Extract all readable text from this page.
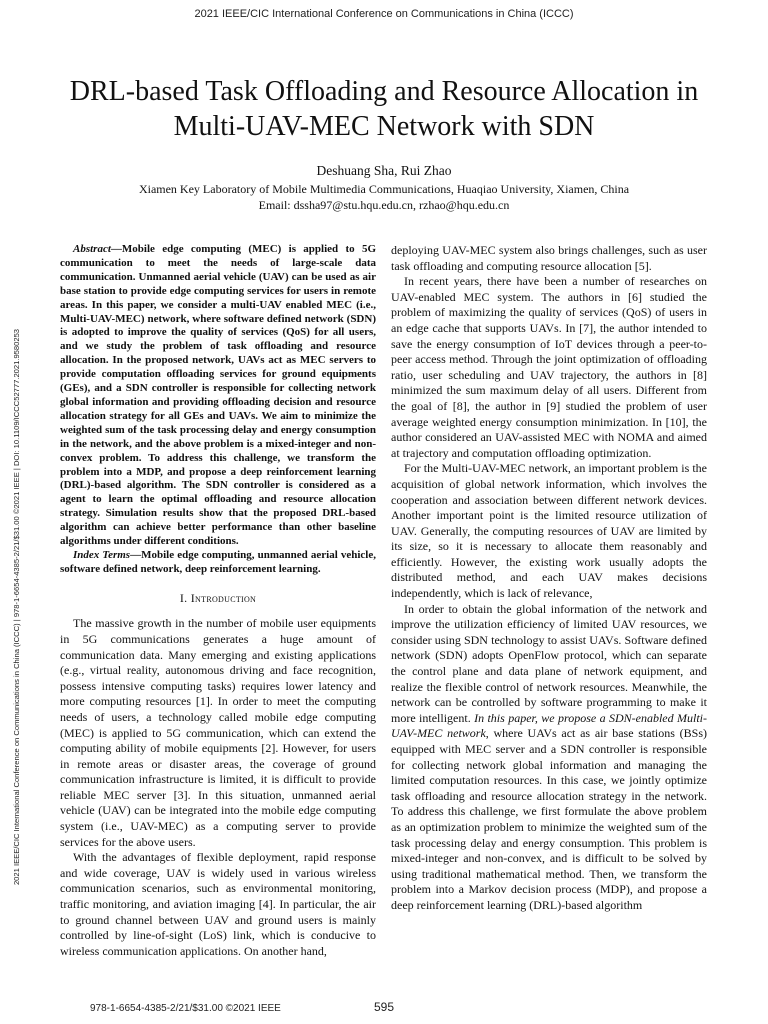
2021 IEEE/CIC International Conference on Communications in China (ICCC)
2021 IEEE/CIC International Conference on Communications in China (ICCC) | 978-1-6654-4385-2/21/$31.00 ©2021 IEEE | DOI: 10.1109/ICCC52777.2021.9580253
DRL-based Task Offloading and Resource Allocation in Multi-UAV-MEC Network with SDN
Deshuang Sha, Rui Zhao
Xiamen Key Laboratory of Mobile Multimedia Communications, Huaqiao University, Xiamen, China
Email: dssha97@stu.hqu.edu.cn, rzhao@hqu.edu.cn

Abstract—Mobile edge computing (MEC) is applied to 5G communication to meet the needs of large-scale data communication. Unmanned aerial vehicle (UAV) can be used as air base station to provide edge computing services for users in remote areas. In this paper, we consider a multi-UAV enabled MEC (i.e., Multi-UAV-MEC) network, where software defined network (SDN) is adopted to improve the quality of services (QoS) for all users, and we study the problem of task offloading and resource allocation. In the proposed network, UAVs act as MEC servers to provide computation offloading services for ground equipments (GEs), and a SDN controller is responsible for collecting network global information and providing offloading decision and resource allocation strategy for all GEs and UAVs. We aim to minimize the weighted sum of the task processing delay and energy consumption in the network, and the above problem is a mixed-integer and non-convex problem. To address this challenge, we transform the problem into a MDP, and propose a deep reinforcement learning (DRL)-based algorithm. The SDN controller is considered as a agent to learn the optimal offloading and resource allocation strategy. Simulation results show that the proposed DRL-based algorithm can achieve better performance than other baseline algorithms under different conditions.

Index Terms—Mobile edge computing, unmanned aerial vehicle, software defined network, deep reinforcement learning.

I. Introduction

The massive growth in the number of mobile user equipments in 5G communications generates a huge amount of communication data. Many emerging and existing applications (e.g., virtual reality, autonomous driving and face recognition, possess intensive computing tasks) requires lower latency and more computing resources [1]. In order to meet the computing needs of users, a technology called mobile edge computing (MEC) is applied to 5G communication, which can extend the computing ability of mobile equipments [2]. However, for users in remote areas or disaster areas, the coverage of ground communication infrastructure is limited, it is difficult to provide reliable MEC server [3]. In this situation, unmanned aerial vehicle (UAV) can be integrated into the mobile edge computing system (i.e., UAV-MEC) as a computing server to provide services for the above users.

With the advantages of flexible deployment, rapid response and wide coverage, UAV is widely used in various wireless communication scenarios, such as environmental monitoring, traffic monitoring, and aviation imaging [4]. In particular, the air to ground channel between UAV and ground users is mainly controlled by line-of-sight (LoS) link, which is conducive to wireless communication applications. On another hand,

deploying UAV-MEC system also brings challenges, such as user task offloading and computing resource allocation [5].

In recent years, there have been a number of researches on UAV-enabled MEC system. The authors in [6] studied the problem of maximizing the quality of services (QoS) of users in an edge cache that supports UAVs. In [7], the author intended to save the energy consumption of IoT devices through a peer-to-peer access method. Through the joint optimization of offloading ratio, user scheduling and UAV trajectory, the authors in [8] minimized the sum maximum delay of all users. Different from the goal of [8], the author in [9] studied the problem of user average weighted energy consumption minimization. In [10], the author considered an UAV-assisted MEC with NOMA and aimed at trajectory and computation offloading optimization.

For the Multi-UAV-MEC network, an important problem is the acquisition of global network information, which involves the cooperation and association between different network devices. Another important point is the limited resource utilization of UAV. Generally, the computing resources of UAV are limited by its size, so it is necessary to allocate them reasonably and efficiently. However, the existing work usually adopts the distributed method, and each UAV makes decisions independently, which is lack of relevance,

In order to obtain the global information of the network and improve the utilization efficiency of limited UAV resources, we consider using SDN technology to assist UAVs. Software defined network (SDN) adopts OpenFlow protocol, which can separate the control plane and data plane of network equipment, and realize the flexible control of network resources. Meanwhile, the network can be controlled by software programming to make it more intelligent. In this paper, we propose a SDN-enabled Multi-UAV-MEC network, where UAVs act as air base stations (BSs) equipped with MEC server and a SDN controller is responsible for collecting network global information and managing the limited computation resources. In this case, we jointly optimize task offloading and resource allocation strategy in the network. To address this challenge, we first formulate the above problem as an optimization problem to minimize the weighted sum of the task processing delay and energy consumption. This problem is mixed-integer and non-convex, and is difficult to be solved by using traditional mathematical method. Then, we transform the problem into a Markov decision process (MDP), and propose a deep reinforcement learning (DRL)-based algorithm

978-1-6654-4385-2/21/$31.00 ©2021 IEEE	595
